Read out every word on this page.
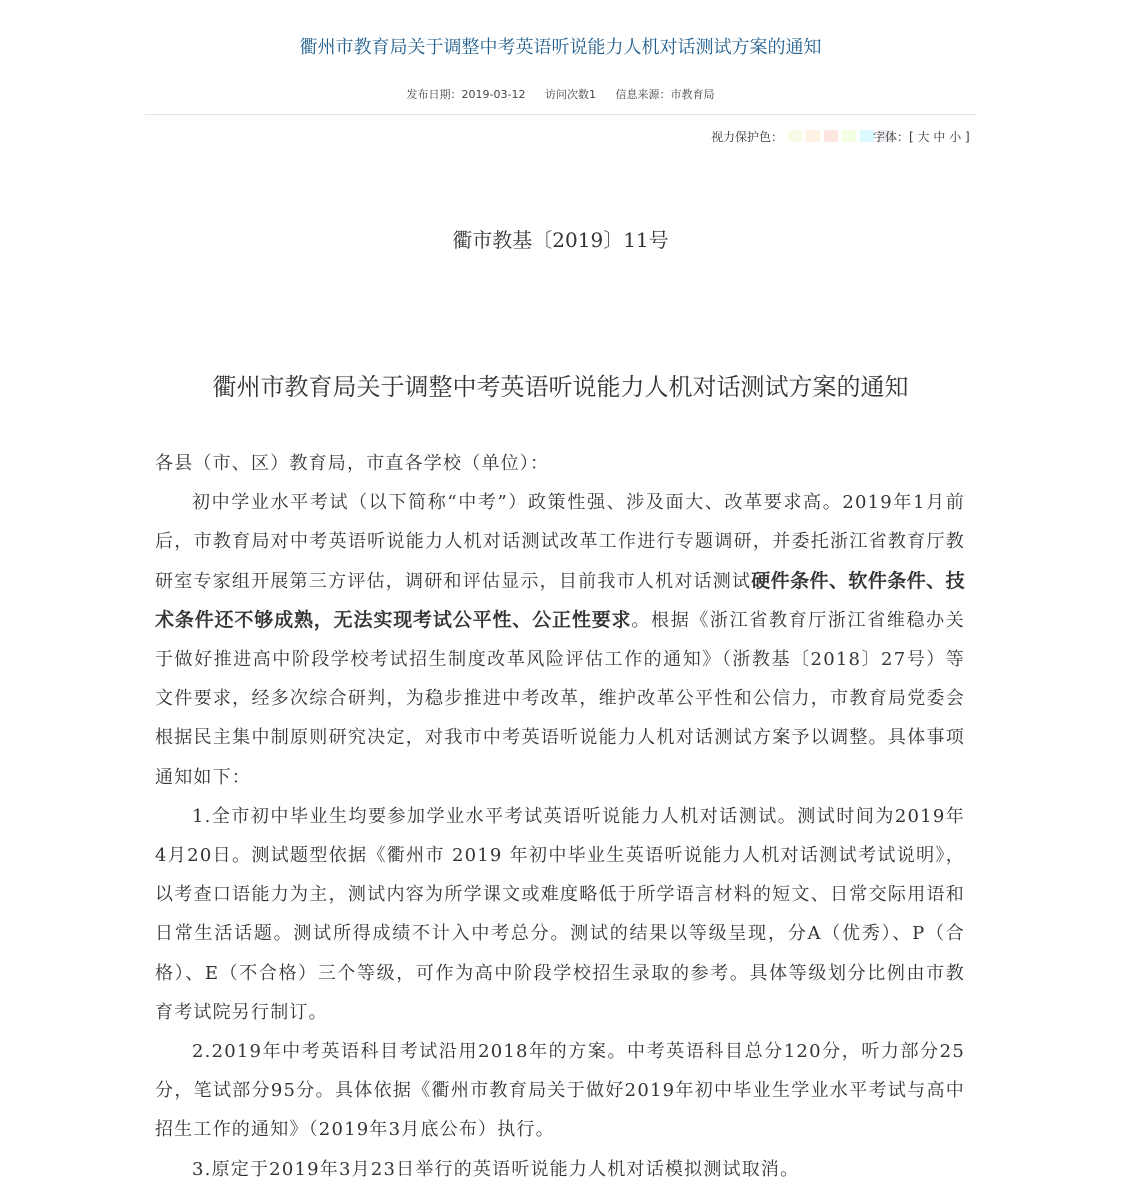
衢州市教育局关于调整中考英语听说能力人机对话测试方案的通知
发布日期：2019-03-12 访问次数1 信息来源：市教育局
视力保护色：	字体：[ 大 中 小 ]
衢市教基〔2019〕11号
衢州市教育局关于调整中考英语听说能力人机对话测试方案的通知

各县（市、区）教育局，市直各学校（单位）：

初中学业水平考试（以下简称“中考”）政策性强、涉及面大、改革要求高。2019年1月前后，市教育局对中考英语听说能力人机对话测试改革工作进行专题调研，并委托浙江省教育厅教研室专家组开展第三方评估，调研和评估显示，目前我市人机对话测试硬件条件、软件条件、技术条件还不够成熟，无法实现考试公平性、公正性要求。根据《浙江省教育厅浙江省维稳办关于做好推进高中阶段学校考试招生制度改革风险评估工作的通知》（浙教基〔2018〕27号）等文件要求，经多次综合研判，为稳步推进中考改革，维护改革公平性和公信力，市教育局党委会根据民主集中制原则研究决定，对我市中考英语听说能力人机对话测试方案予以调整。具体事项通知如下：

1.全市初中毕业生均要参加学业水平考试英语听说能力人机对话测试。测试时间为2019年4月20日。测试题型依据《衢州市 2019 年初中毕业生英语听说能力人机对话测试考试说明》，以考查口语能力为主，测试内容为所学课文或难度略低于所学语言材料的短文、日常交际用语和日常生活话题。测试所得成绩不计入中考总分。测试的结果以等级呈现，分A（优秀）、P（合格）、E（不合格）三个等级，可作为高中阶段学校招生录取的参考。具体等级划分比例由市教育考试院另行制订。

2.2019年中考英语科目考试沿用2018年的方案。中考英语科目总分120分，听力部分25分，笔试部分95分。具体依据《衢州市教育局关于做好2019年初中毕业生学业水平考试与高中招生工作的通知》（2019年3月底公布）执行。

3.原定于2019年3月23日举行的英语听说能力人机对话模拟测试取消。
